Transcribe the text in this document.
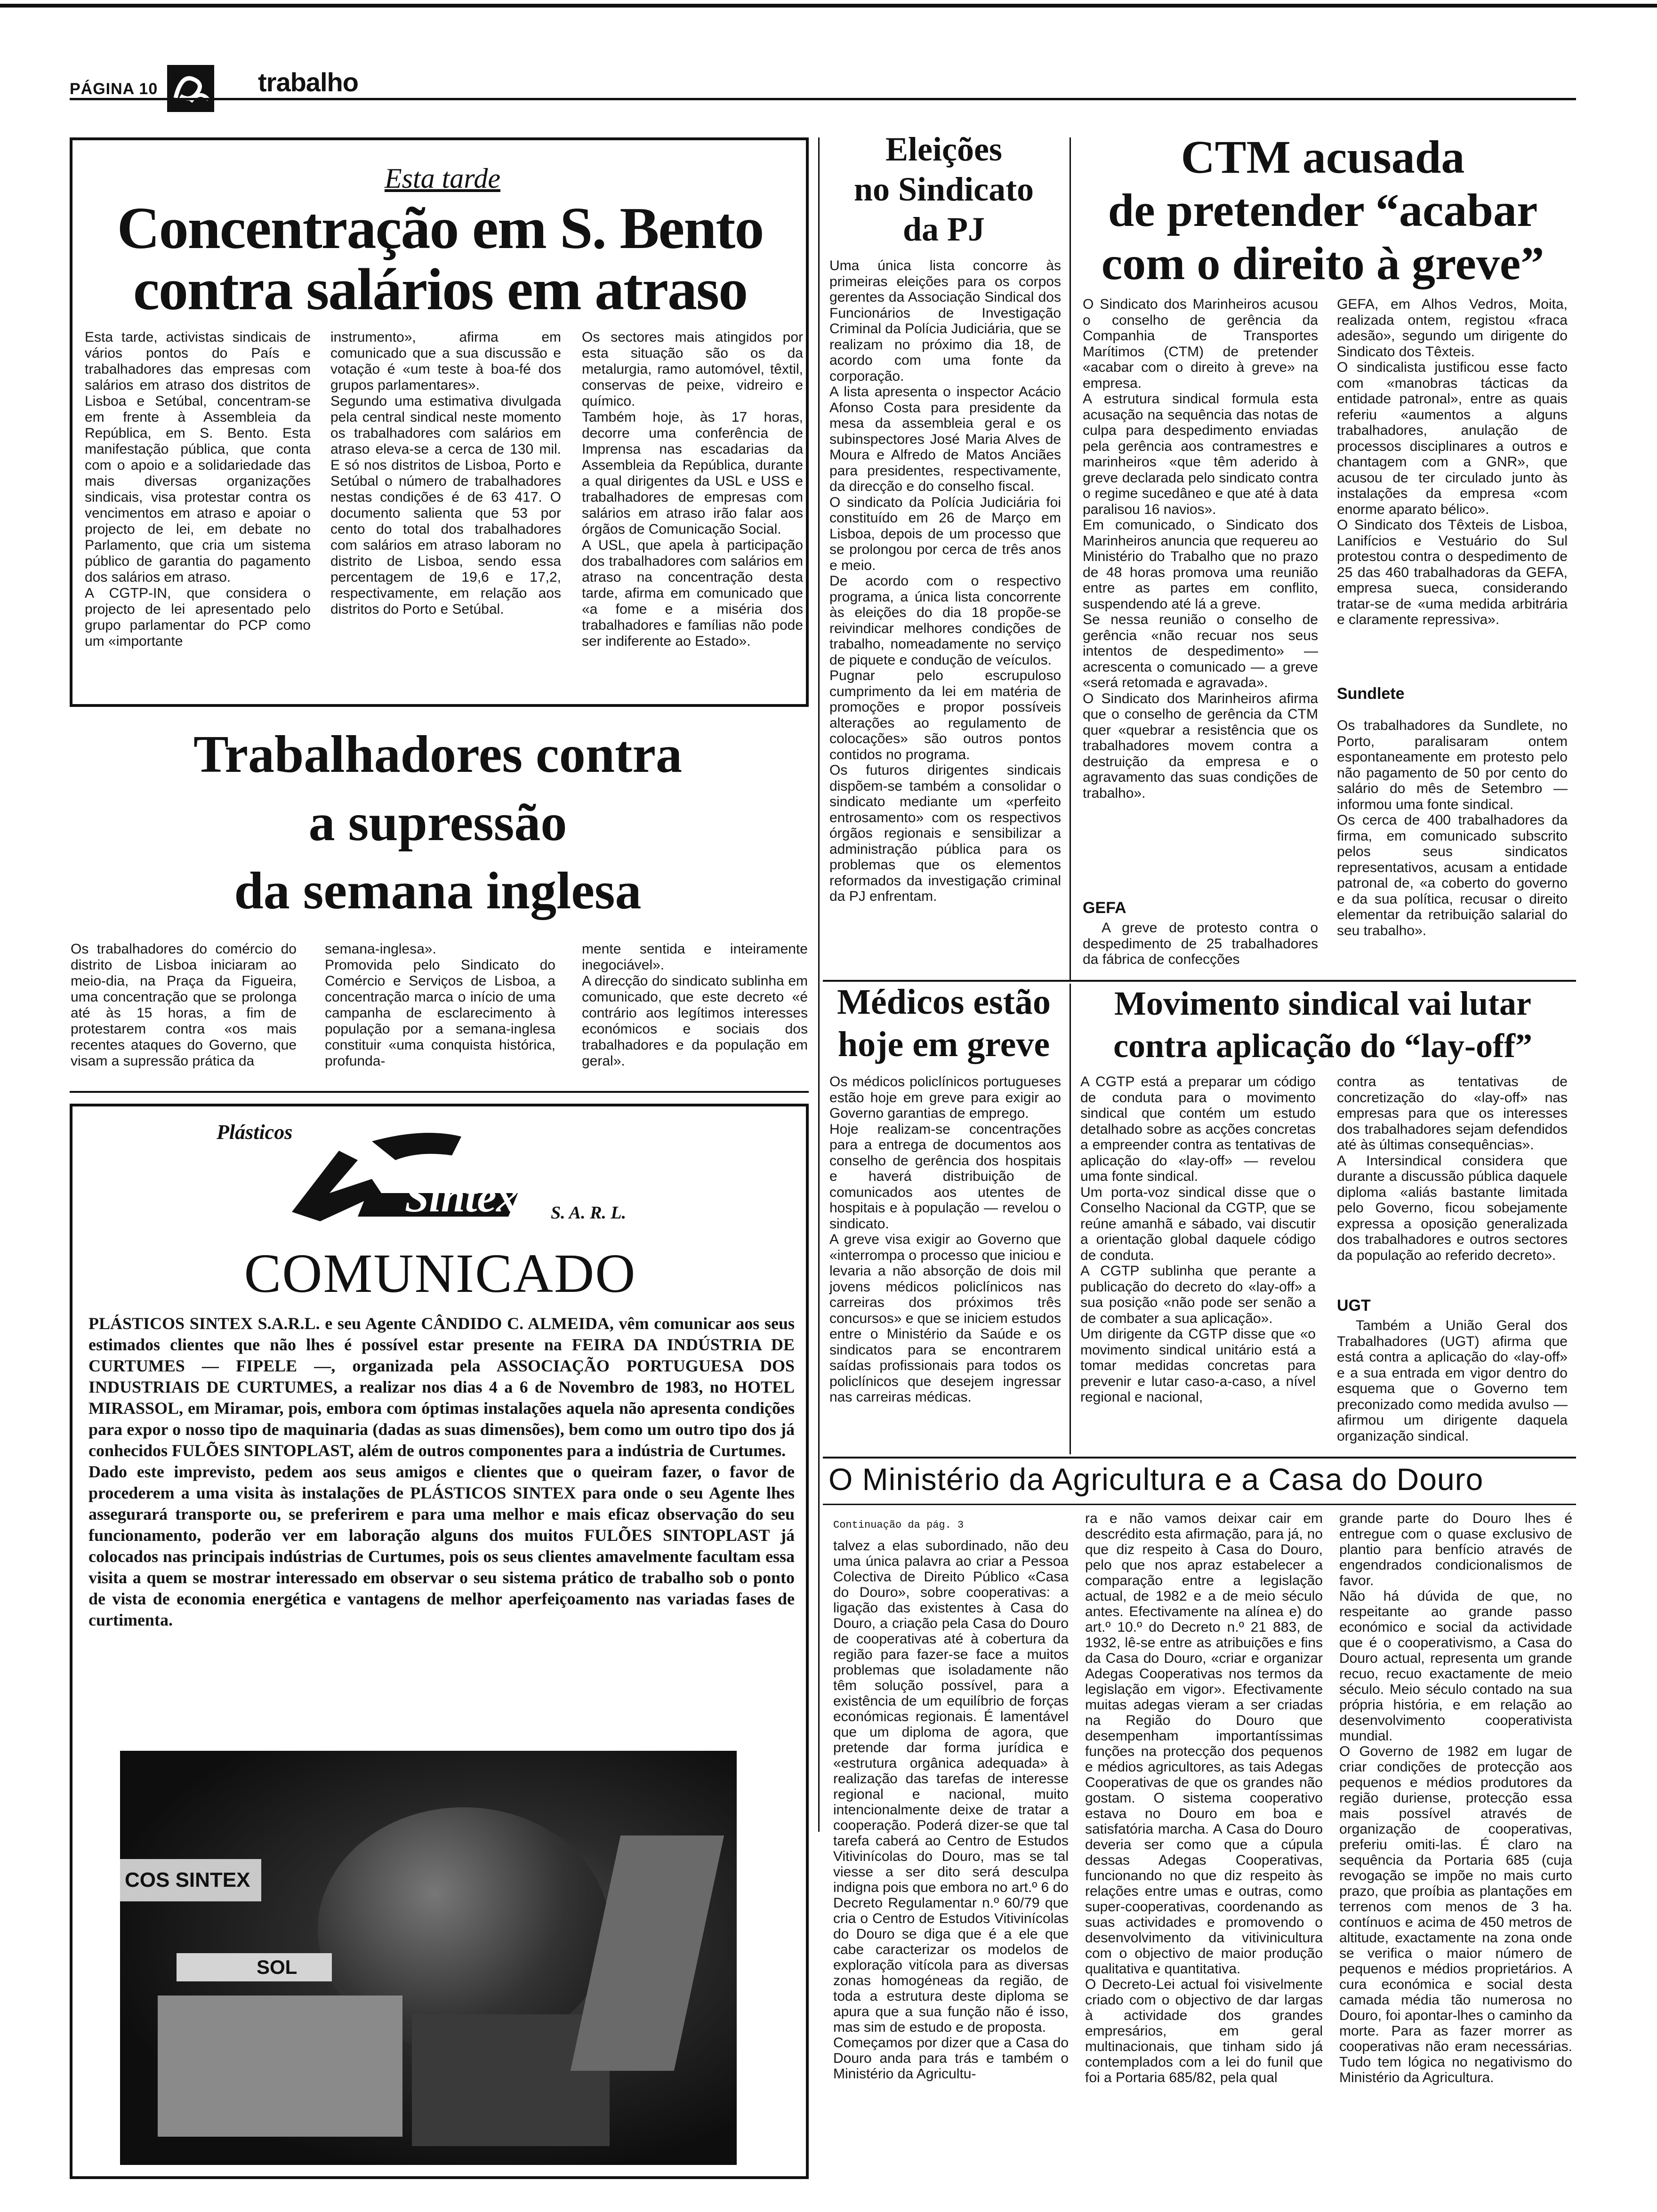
PÁGINA 10	trabalho
Esta tarde
Concentração em S. Bento
contra salários em atraso
Esta tarde, activistas sindicais de vários pontos do País e trabalhadores das empresas com salários em atraso dos distritos de Lisboa e Setúbal, concentram-se em frente à Assembleia da República, em S. Bento. Esta manifestação pública, que conta com o apoio e a solidariedade das mais diversas organizações sindicais, visa protestar contra os vencimentos em atraso e apoiar o projecto de lei, em debate no Parlamento, que cria um sistema público de garantia do pagamento dos salários em atraso.
A CGTP-IN, que considera o projecto de lei apresentado pelo grupo parlamentar do PCP como um «importante
instrumento», afirma em comunicado que a sua discussão e votação é «um teste à boa-fé dos grupos parlamentares».
Segundo uma estimativa divulgada pela central sindical neste momento os trabalhadores com salários em atraso eleva-se a cerca de 130 mil. E só nos distritos de Lisboa, Porto e Setúbal o número de trabalhadores nestas condições é de 63 417. O documento salienta que 53 por cento do total dos trabalhadores com salários em atraso laboram no distrito de Lisboa, sendo essa percentagem de 19,6 e 17,2, respectivamente, em relação aos distritos do Porto e Setúbal.
Os sectores mais atingidos por esta situação são os da metalurgia, ramo automóvel, têxtil, conservas de peixe, vidreiro e químico.
Também hoje, às 17 horas, decorre uma conferência de Imprensa nas escadarias da Assembleia da República, durante a qual dirigentes da USL e USS e trabalhadores de empresas com salários em atraso irão falar aos órgãos de Comunicação Social.
A USL, que apela à participação dos trabalhadores com salários em atraso na concentração desta tarde, afirma em comunicado que «a fome e a miséria dos trabalhadores e famílias não pode ser indiferente ao Estado».
Trabalhadores contra
a supressão
da semana inglesa
Os trabalhadores do comércio do distrito de Lisboa iniciaram ao meio-dia, na Praça da Figueira, uma concentração que se prolonga até às 15 horas, a fim de protestarem contra «os mais recentes ataques do Governo, que visam a supressão prática da
semana-inglesa».
Promovida pelo Sindicato do Comércio e Serviços de Lisboa, a concentração marca o início de uma campanha de esclarecimento à população por a semana-inglesa constituir «uma conquista histórica, profunda-
mente sentida e inteiramente inegociável».
A direcção do sindicato sublinha em comunicado, que este decreto «é contrário aos legítimos interesses económicos e sociais dos trabalhadores e da população em geral».
Plásticos
Sintex S. A. R. L.
COMUNICADO
PLÁSTICOS SINTEX S.A.R.L. e seu Agente CÂNDIDO C. ALMEIDA, vêm comunicar aos seus estimados clientes que não lhes é possível estar presente na FEIRA DA INDÚSTRIA DE CURTUMES — FIPELE —, organizada pela ASSOCIAÇÃO PORTUGUESA DOS INDUSTRIAIS DE CURTUMES, a realizar nos dias 4 a 6 de Novembro de 1983, no HOTEL MIRASSOL, em Miramar, pois, embora com óptimas instalações aquela não apresenta condições para expor o nosso tipo de maquinaria (dadas as suas dimensões), bem como um outro tipo dos já conhecidos FULÕES SINTOPLAST, além de outros componentes para a indústria de Curtumes.
Dado este imprevisto, pedem aos seus amigos e clientes que o queiram fazer, o favor de procederem a uma visita às instalações de PLÁSTICOS SINTEX para onde o seu Agente lhes assegurará transporte ou, se preferirem e para uma melhor e mais eficaz observação do seu funcionamento, poderão ver em laboração alguns dos muitos FULÕES SINTOPLAST já colocados nas principais indústrias de Curtumes, pois os seus clientes amavelmente facultam essa visita a quem se mostrar interessado em observar o seu sistema prático de trabalho sob o ponto de vista de economia energética e vantagens de melhor aperfeiçoamento nas variadas fases de curtimenta.
COS SINTEX
SOL
Eleições
no Sindicato
da PJ
Uma única lista concorre às primeiras eleições para os corpos gerentes da Associação Sindical dos Funcionários de Investigação Criminal da Polícia Judiciária, que se realizam no próximo dia 18, de acordo com uma fonte da corporação.
A lista apresenta o inspector Acácio Afonso Costa para presidente da mesa da assembleia geral e os subinspectores José Maria Alves de Moura e Alfredo de Matos Anciães para presidentes, respectivamente, da direcção e do conselho fiscal.
O sindicato da Polícia Judiciária foi constituído em 26 de Março em Lisboa, depois de um processo que se prolongou por cerca de três anos e meio.
De acordo com o respectivo programa, a única lista concorrente às eleições do dia 18 propõe-se reivindicar melhores condições de trabalho, nomeadamente no serviço de piquete e condução de veículos.
Pugnar pelo escrupuloso cumprimento da lei em matéria de promoções e propor possíveis alterações ao regulamento de colocações» são outros pontos contidos no programa.
Os futuros dirigentes sindicais dispõem-se também a consolidar o sindicato mediante um «perfeito entrosamento» com os respectivos órgãos regionais e sensibilizar a administração pública para os problemas que os elementos reformados da investigação criminal da PJ enfrentam.
CTM acusada
de pretender “acabar
com o direito à greve”
O Sindicato dos Marinheiros acusou o conselho de gerência da Companhia de Transportes Marítimos (CTM) de pretender «acabar com o direito à greve» na empresa.
A estrutura sindical formula esta acusação na sequência das notas de culpa para despedimento enviadas pela gerência aos contramestres e marinheiros «que têm aderido à greve declarada pelo sindicato contra o regime sucedâneo e que até à data paralisou 16 navios».
Em comunicado, o Sindicato dos Marinheiros anuncia que requereu ao Ministério do Trabalho que no prazo de 48 horas promova uma reunião entre as partes em conflito, suspendendo até lá a greve.
Se nessa reunião o conselho de gerência «não recuar nos seus intentos de despedimento» — acrescenta o comunicado — a greve «será retomada e agravada».
O Sindicato dos Marinheiros afirma que o conselho de gerência da CTM quer «quebrar a resistência que os trabalhadores movem contra a destruição da empresa e o agravamento das suas condições de trabalho».
GEFA
A greve de protesto contra o despedimento de 25 trabalhadores da fábrica de confecções
GEFA, em Alhos Vedros, Moita, realizada ontem, registou «fraca adesão», segundo um dirigente do Sindicato dos Têxteis.
O sindicalista justificou esse facto com «manobras tácticas da entidade patronal», entre as quais referiu «aumentos a alguns trabalhadores, anulação de processos disciplinares a outros e chantagem com a GNR», que acusou de ter circulado junto às instalações da empresa «com enorme aparato bélico».
O Sindicato dos Têxteis de Lisboa, Lanifícios e Vestuário do Sul protestou contra o despedimento de 25 das 460 trabalhadoras da GEFA, empresa sueca, considerando tratar-se de «uma medida arbitrária e claramente repressiva».
Sundlete
Os trabalhadores da Sundlete, no Porto, paralisaram ontem espontaneamente em protesto pelo não pagamento de 50 por cento do salário do mês de Setembro — informou uma fonte sindical.
Os cerca de 400 trabalhadores da firma, em comunicado subscrito pelos seus sindicatos representativos, acusam a entidade patronal de, «a coberto do governo e da sua política, recusar o direito elementar da retribuição salarial do seu trabalho».
Médicos estão
hoje em greve
Os médicos policlínicos portugueses estão hoje em greve para exigir ao Governo garantias de emprego.
Hoje realizam-se concentrações para a entrega de documentos aos conselho de gerência dos hospitais e haverá distribuição de comunicados aos utentes de hospitais e à população — revelou o sindicato.
A greve visa exigir ao Governo que «interrompa o processo que iniciou e levaria a não absorção de dois mil jovens médicos policlínicos nas carreiras dos próximos três concursos» e que se iniciem estudos entre o Ministério da Saúde e os sindicatos para se encontrarem saídas profissionais para todos os policlínicos que desejem ingressar nas carreiras médicas.
Movimento sindical vai lutar
contra aplicação do “lay-off”
A CGTP está a preparar um código de conduta para o movimento sindical que contém um estudo detalhado sobre as acções concretas a empreender contra as tentativas de aplicação do «lay-off» — revelou uma fonte sindical.
Um porta-voz sindical disse que o Conselho Nacional da CGTP, que se reúne amanhã e sábado, vai discutir a orientação global daquele código de conduta.
A CGTP sublinha que perante a publicação do decreto do «lay-off» a sua posição «não pode ser senão a de combater a sua aplicação».
Um dirigente da CGTP disse que «o movimento sindical unitário está a tomar medidas concretas para prevenir e lutar caso-a-caso, a nível regional e nacional,
contra as tentativas de concretização do «lay-off» nas empresas para que os interesses dos trabalhadores sejam defendidos até às últimas consequências».
A Intersindical considera que durante a discussão pública daquele diploma «aliás bastante limitada pelo Governo, ficou sobejamente expressa a oposição generalizada dos trabalhadores e outros sectores da população ao referido decreto».
UGT
Também a União Geral dos Trabalhadores (UGT) afirma que está contra a aplicação do «lay-off» e a sua entrada em vigor dentro do esquema que o Governo tem preconizado como medida avulso — afirmou um dirigente daquela organização sindical.
O Ministério da Agricultura e a Casa do Douro
Continuação da pág. 3
talvez a elas subordinado, não deu uma única palavra ao criar a Pessoa Colectiva de Direito Público «Casa do Douro», sobre cooperativas: a ligação das existentes à Casa do Douro, a criação pela Casa do Douro de cooperativas até à cobertura da região para fazer-se face a muitos problemas que isoladamente não têm solução possível, para a existência de um equilíbrio de forças económicas regionais. É lamentável que um diploma de agora, que pretende dar forma jurídica e «estrutura orgânica adequada» à realização das tarefas de interesse regional e nacional, muito intencionalmente deixe de tratar a cooperação. Poderá dizer-se que tal tarefa caberá ao Centro de Estudos Vitivinícolas do Douro, mas se tal viesse a ser dito será desculpa indigna pois que embora no art.º 6 do Decreto Regulamentar n.º 60/79 que cria o Centro de Estudos Vitivinícolas do Douro se diga que é a ele que cabe caracterizar os modelos de exploração vitícola para as diversas zonas homogéneas da região, de toda a estrutura deste diploma se apura que a sua função não é isso, mas sim de estudo e de proposta.
Começamos por dizer que a Casa do Douro anda para trás e também o Ministério da Agricultu-
ra e não vamos deixar cair em descrédito esta afirmação, para já, no que diz respeito à Casa do Douro, pelo que nos apraz estabelecer a comparação entre a legislação actual, de 1982 e a de meio século antes. Efectivamente na alínea e) do art.º 10.º do Decreto n.º 21 883, de 1932, lê-se entre as atribuições e fins da Casa do Douro, «criar e organizar Adegas Cooperativas nos termos da legislação em vigor». Efectivamente muitas adegas vieram a ser criadas na Região do Douro que desempenham importantíssimas funções na protecção dos pequenos e médios agricultores, as tais Adegas Cooperativas de que os grandes não gostam. O sistema cooperativo estava no Douro em boa e satisfatória marcha. A Casa do Douro deveria ser como que a cúpula dessas Adegas Cooperativas, funcionando no que diz respeito às relações entre umas e outras, como super-cooperativas, coordenando as suas actividades e promovendo o desenvolvimento da vitivinicultura com o objectivo de maior produção qualitativa e quantitativa.
O Decreto-Lei actual foi visivelmente criado com o objectivo de dar largas à actividade dos grandes empresários, em geral multinacionais, que tinham sido já contemplados com a lei do funil que foi a Portaria 685/82, pela qual
grande parte do Douro lhes é entregue com o quase exclusivo de plantio para benfício através de engendrados condicionalismos de favor.
Não há dúvida de que, no respeitante ao grande passo económico e social da actividade que é o cooperativismo, a Casa do Douro actual, representa um grande recuo, recuo exactamente de meio século. Meio século contado na sua própria história, e em relação ao desenvolvimento cooperativista mundial.
O Governo de 1982 em lugar de criar condições de protecção aos pequenos e médios produtores da região duriense, protecção essa mais possível através de organização de cooperativas, preferiu omiti-las. É claro na sequência da Portaria 685 (cuja revogação se impõe no mais curto prazo, que proíbia as plantações em terrenos com menos de 3 ha. contínuos e acima de 450 metros de altitude, exactamente na zona onde se verifica o maior número de pequenos e médios proprietários. A cura económica e social desta camada média tão numerosa no Douro, foi apontar-lhes o caminho da morte. Para as fazer morrer as cooperativas não eram necessárias. Tudo tem lógica no negativismo do Ministério da Agricultura.
